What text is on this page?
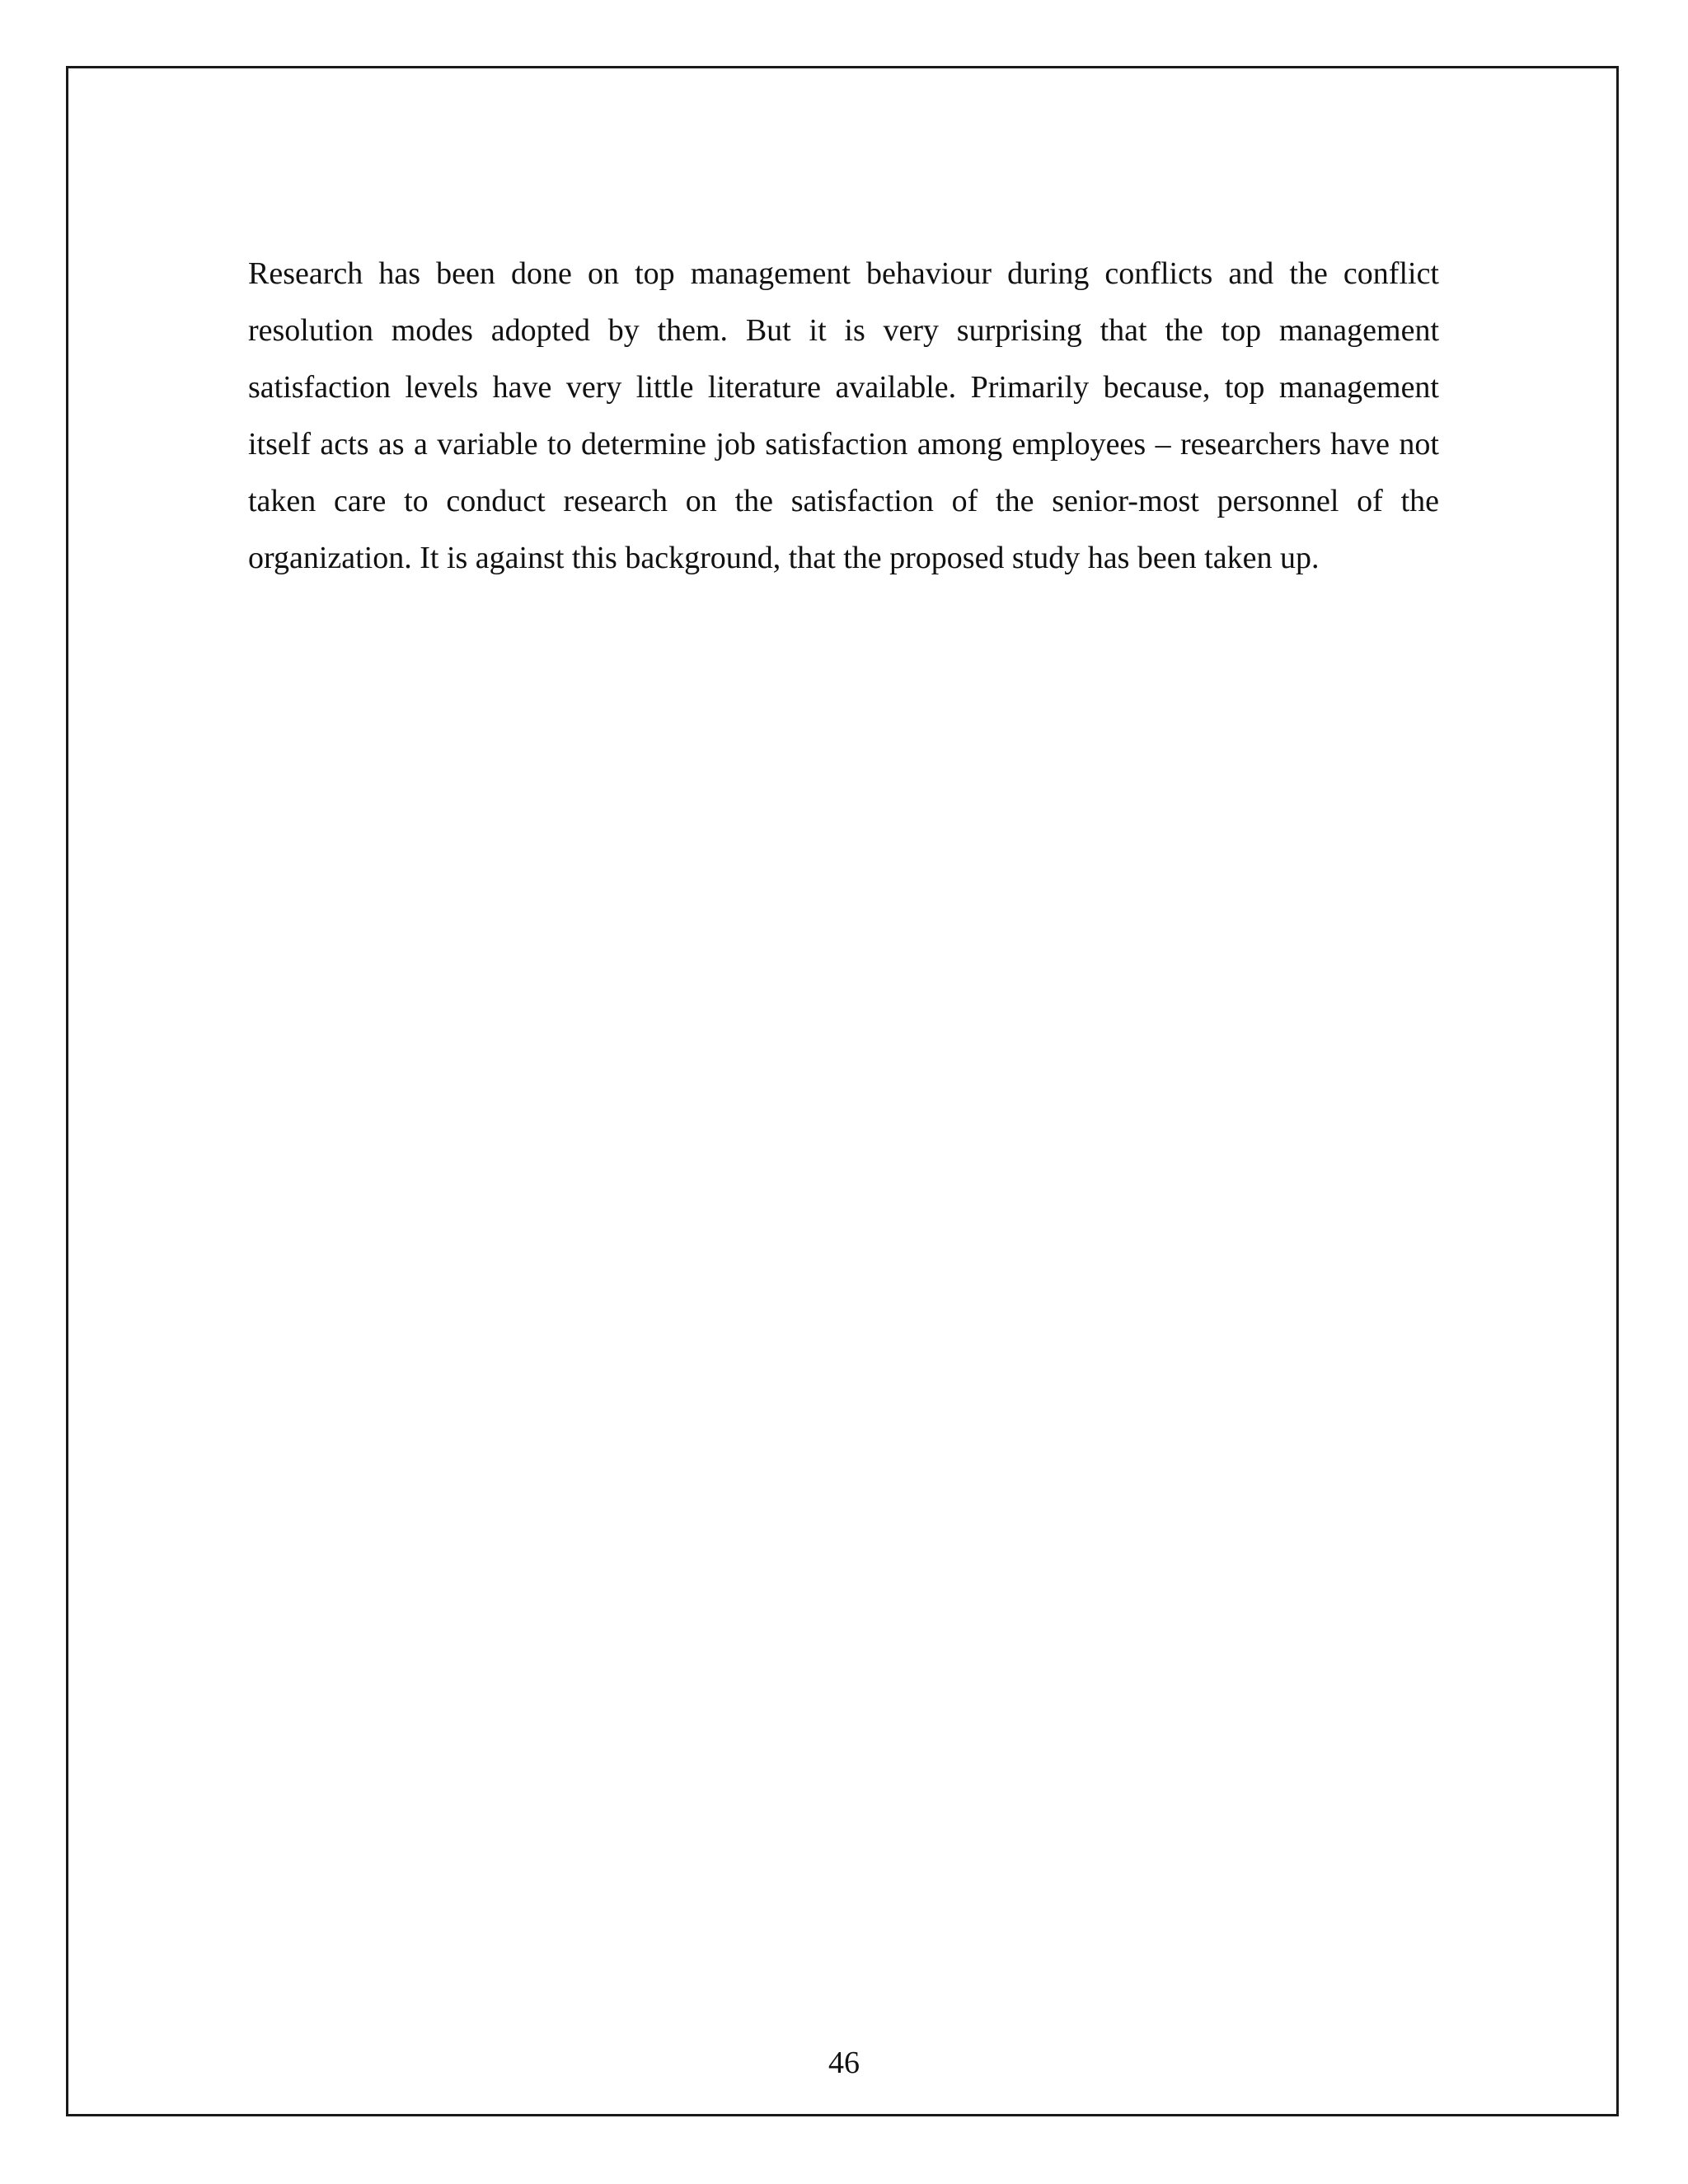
Research has been done on top management behaviour during conflicts and the conflict resolution modes adopted by them. But it is very surprising that the top management satisfaction levels have very little literature available. Primarily because, top management itself acts as a variable to determine job satisfaction among employees – researchers have not taken care to conduct research on the satisfaction of the senior-most personnel of the organization. It is against this background, that the proposed study has been taken up.

46
